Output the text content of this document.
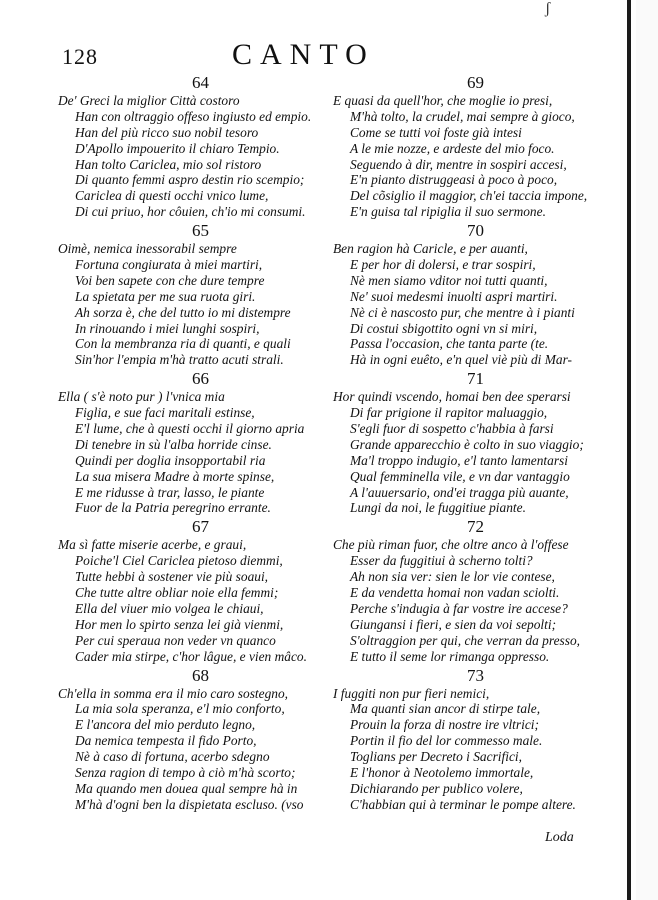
ʃ
128	CANTO
64
De' Greci la miglior Città costoro
Han con oltraggio offeso ingiusto ed empio.
Han del più ricco suo nobil tesoro
D'Apollo impouerito il chiaro Tempio.
Han tolto Cariclea, mio sol ristoro
Di quanto femmi aspro destin rio scempio;
Cariclea di questi occhi vnico lume,
Di cui priuo, hor côuien, ch'io mi consumi.
65
Oimè, nemica inessorabil sempre
Fortuna congiurata à miei martiri,
Voi ben sapete con che dure tempre
La spietata per me sua ruota giri.
Ah sorza è, che del tutto io mi distempre
In rinouando i miei lunghi sospiri,
Con la membranza ria di quanti, e quali
Sin'hor l'empia m'hà tratto acuti strali.
66
Ella ( s'è noto pur ) l'vnica mia
Figlia, e sue faci maritali estinse,
E'l lume, che à questi occhi il giorno apria
Di tenebre in sù l'alba horride cinse.
Quindi per doglia insopportabil ria
La sua misera Madre à morte spinse,
E me ridusse à trar, lasso, le piante
Fuor de la Patria peregrino errante.
67
Ma sì fatte miserie acerbe, e graui,
Poiche'l Ciel Cariclea pietoso diemmi,
Tutte hebbi à sostener vie più soaui,
Che tutte altre obliar noie ella femmi;
Ella del viuer mio volgea le chiaui,
Hor men lo spirto senza lei già vienmi,
Per cui speraua non veder vn quanco
Cader mia stirpe, c'hor lâgue, e vien mâco.
68
Ch'ella in somma era il mio caro sostegno,
La mia sola speranza, e'l mio conforto,
E l'ancora del mio perduto legno,
Da nemica tempesta il fido Porto,
Nè à caso di fortuna, acerbo sdegno
Senza ragion di tempo à ciò m'hà scorto;
Ma quando men douea qual sempre hà in
M'hà d'ogni ben la dispietata escluso. (vso
69
E quasi da quell'hor, che moglie io presi,
M'hà tolto, la crudel, mai sempre à gioco,
Come se tutti voi foste già intesi
A le mie nozze, e ardeste del mio foco.
Seguendo à dir, mentre in sospiri accesi,
E'n pianto distruggeasi à poco à poco,
Del cõsiglio il maggior, ch'ei taccia impone,
E'n guisa tal ripiglia il suo sermone.
70
Ben ragion hà Caricle, e per auanti,
E per hor di dolersi, e trar sospiri,
Nè men siamo vditor noi tutti quanti,
Ne' suoi medesmi inuolti aspri martiri.
Nè ci è nascosto pur, che mentre à i pianti
Di costui sbigottito ogni vn si miri,
Passa l'occasion, che tanta parte (te.
Hà in ogni euêto, e'n quel viè più di Mar-
71
Hor quindi vscendo, homai ben dee sperarsi
Di far prigione il rapitor maluaggio,
S'egli fuor di sospetto c'habbia à farsi
Grande apparecchio è colto in suo viaggio;
Ma'l troppo indugio, e'l tanto lamentarsi
Qual femminella vile, e vn dar vantaggio
A l'auuersario, ond'ei tragga più auante,
Lungi da noi, le fuggitiue piante.
72
Che più riman fuor, che oltre anco à l'offese
Esser da fuggitiui à scherno tolti?
Ah non sia ver: sien le lor vie contese,
E da vendetta homai non vadan sciolti.
Perche s'indugia à far vostre ire accese?
Giungansi i fieri, e sien da voi sepolti;
S'oltraggion per qui, che verran da presso,
E tutto il seme lor rimanga oppresso.
73
I fuggiti non pur fieri nemici,
Ma quanti sian ancor di stirpe tale,
Prouin la forza di nostre ire vltrici;
Portin il fio del lor commesso male.
Toglians per Decreto i Sacrifici,
E l'honor à Neotolemo immortale,
Dichiarando per publico volere,
C'habbian qui à terminar le pompe altere.
Loda
